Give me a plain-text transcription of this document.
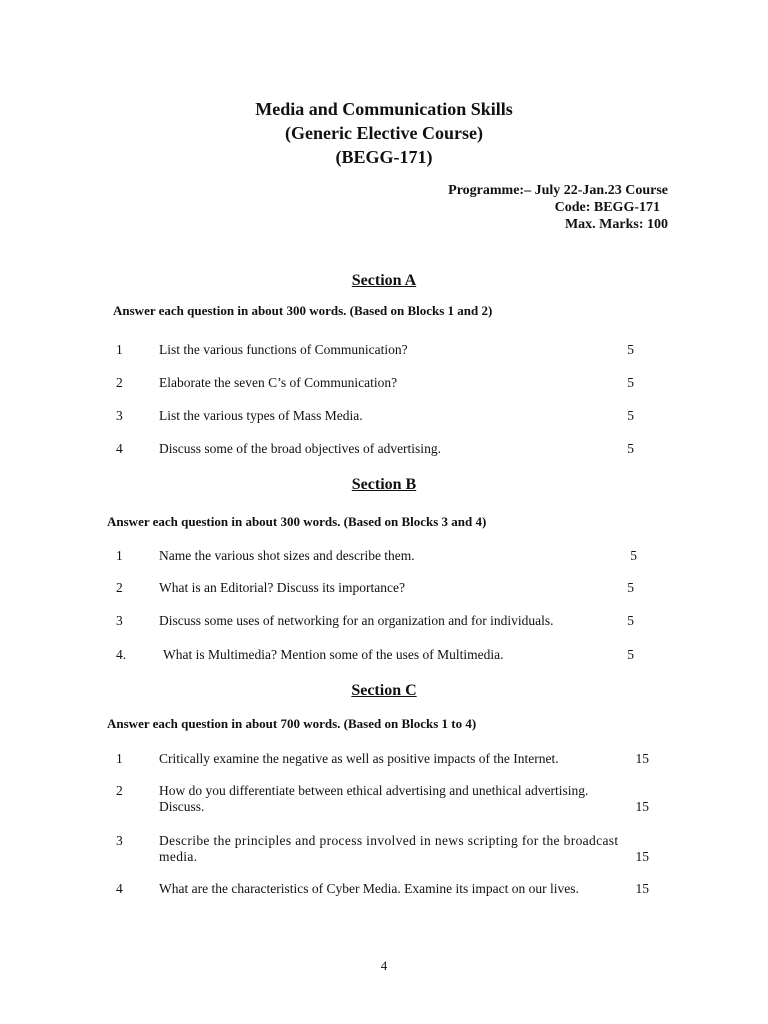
Media and Communication Skills
(Generic Elective Course)
(BEGG-171)
Programme:– July 22-Jan.23 Course
Code: BEGG-171
Max. Marks: 100
Section A
Answer each question in about 300 words. (Based on Blocks 1 and 2)
1	List the various functions of Communication?	5
2	Elaborate the seven C’s of Communication?	5
3	List the various types of Mass Media.	5
4	Discuss some of the broad objectives of advertising.	5
Section B
Answer each question in about 300 words. (Based on Blocks 3 and 4)
1	Name the various shot sizes and describe them.	5
2	What is an Editorial? Discuss its importance?	5
3	Discuss some uses of networking for an organization and for individuals.	5
4.	What is Multimedia? Mention some of the uses of Multimedia.	5
Section C
Answer each question in about 700 words. (Based on Blocks 1 to 4)
1	Critically examine the negative as well as positive impacts of the Internet.	15
2	How do you differentiate between ethical advertising and unethical advertising.
Discuss.	15
3	Describe the principles and process involved in news scripting for the broadcast
media.	15
4	What are the characteristics of Cyber Media. Examine its impact on our lives.	15
4
